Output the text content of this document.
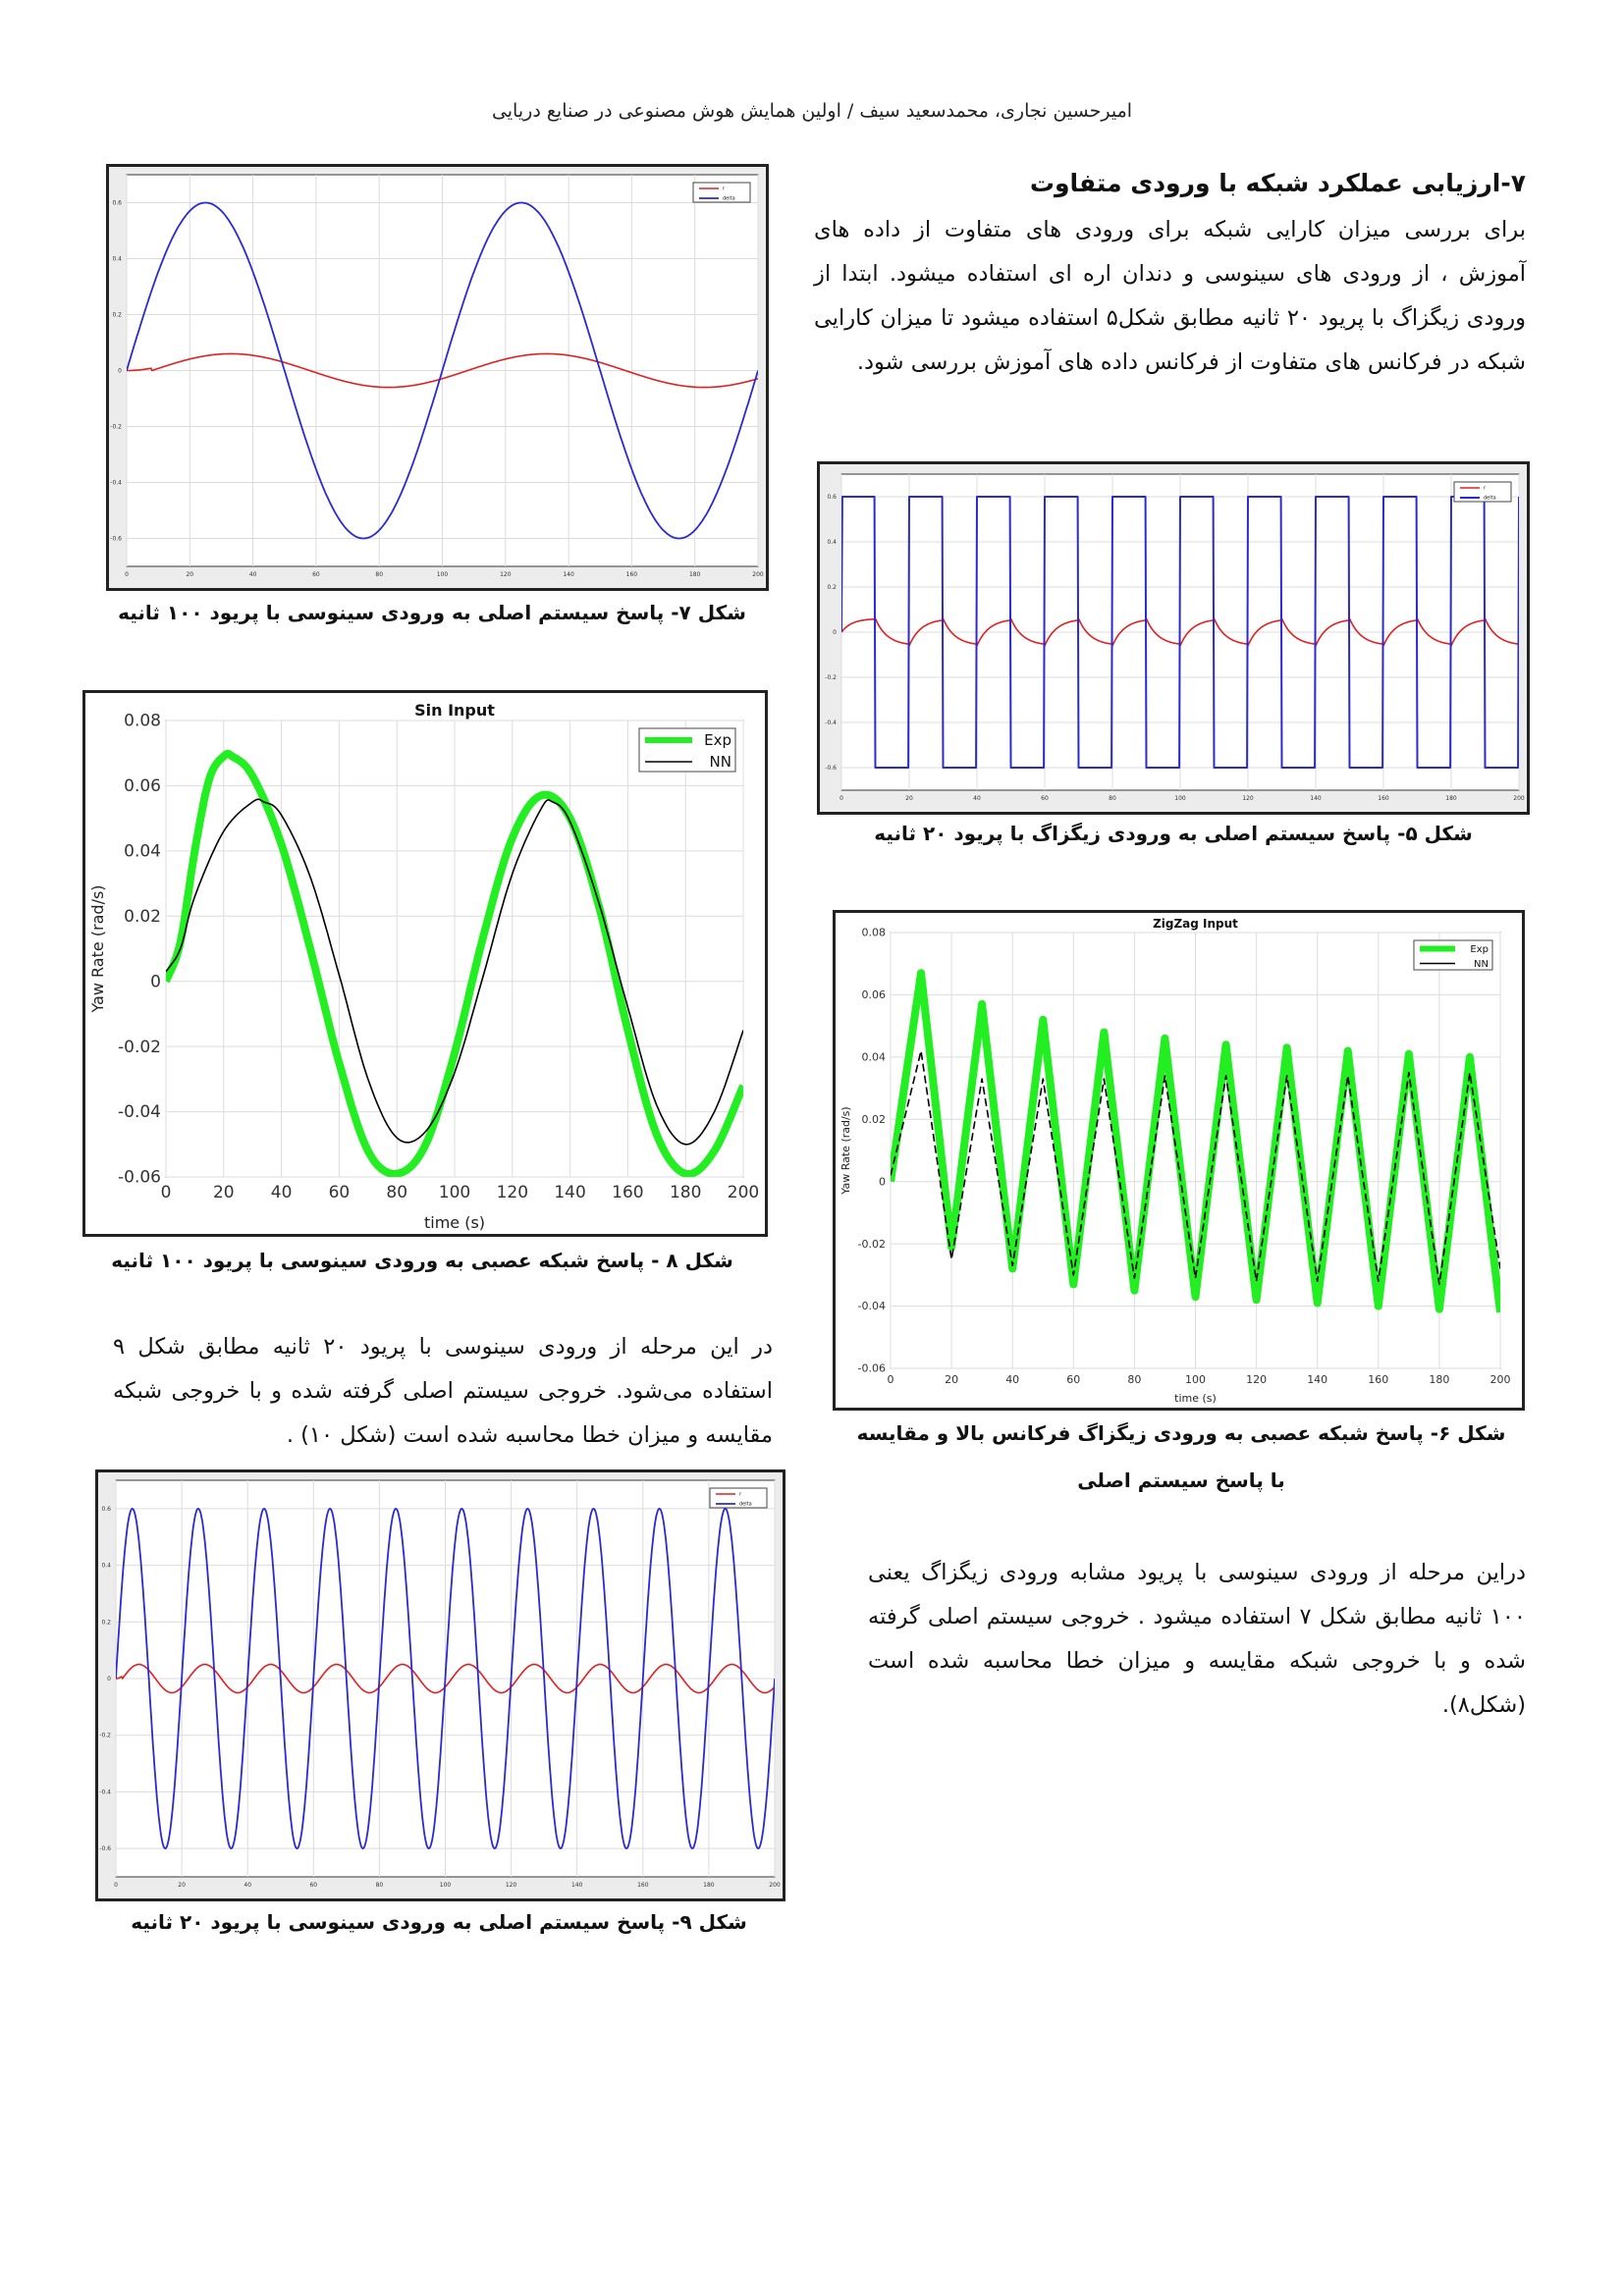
امیرحسین نجاری، محمدسعید سیف / اولین همایش هوش مصنوعی در صنایع دریایی
۷-ارزیابی عملکرد شبکه با ورودی متفاوت
برای بررسی میزان کارایی شبکه برای ورودی های متفاوت از داده های آموزش ، از ورودی های سینوسی و دندان اره ای استفاده میشود. ابتدا از ورودی زیگزاگ با پریود ۲۰ ثانیه مطابق شکل۵ استفاده میشود تا میزان کارایی شبکه در فرکانس های متفاوت از فرکانس داده های آموزش بررسی شود.
0	20	40	60	80	100	120	140	160	180	200
-0.6
-0.4
-0.2
0
0.2
0.4
0.6
r
delta
شکل ۷- پاسخ سیستم اصلی به ورودی سینوسی با پریود ۱۰۰ ثانیه
0	20	40	60	80	100	120	140	160	180	200
-0.6
-0.4
-0.2
0
0.2
0.4
0.6
r
delta
شکل ۵- پاسخ سیستم اصلی به ورودی زیگزاگ با پریود ۲۰ ثانیه
0	20 40 60 80 100 120 140 160 180 200
-0.06
-0.04
-0.02
0
0.02
0.04
0.06
0.08
Sin Input
time (s)
Yaw Rate (rad/s)
Exp
NN
شکل ۸ - پاسخ شبکه عصبی به ورودی سینوسی با پریود ۱۰۰ ثانیه
0	20	40	60	80	100	120	140	160	180	200
-0.06
-0.04
-0.02
0
0.02
0.04
0.06
0.08
ZigZag Input
time (s)
Yaw Rate (rad/s)
Exp
NN
شکل ۶- پاسخ شبکه عصبی به ورودی زیگزاگ فرکانس بالا و مقایسه
با پاسخ سیستم اصلی
دراین مرحله از ورودی سینوسی با پریود مشابه ورودی زیگزاگ یعنی ۱۰۰ ثانیه مطابق شکل ۷ استفاده میشود . خروجی سیستم اصلی گرفته شده و با خروجی شبکه مقایسه و میزان خطا محاسبه شده است (شکل۸).
در این مرحله از ورودی سینوسی با پریود ۲۰ ثانیه مطابق شکل ۹ استفاده می‌شود. خروجی سیستم اصلی گرفته شده و با خروجی شبکه مقایسه و میزان خطا محاسبه شده است (شکل ۱۰) .
0	20	40	60	80	100	120	140	160	180	200
-0.6
-0.4
-0.2
0
0.2
0.4
0.6
r
delta
شکل ۹- پاسخ سیستم اصلی به ورودی سینوسی با پریود ۲۰ ثانیه
